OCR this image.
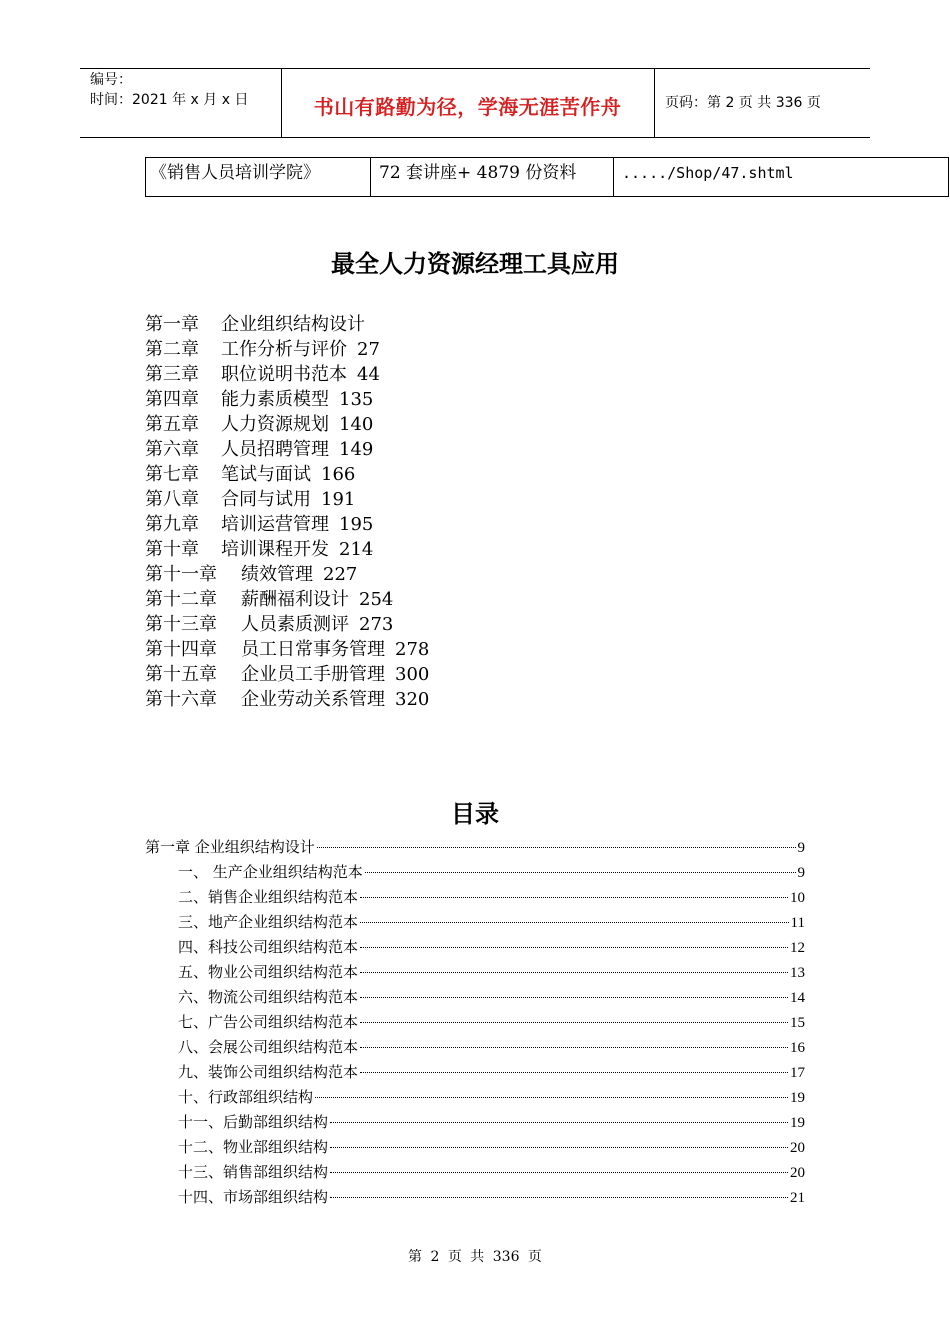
编号：
时间：2021 年 x 月 x 日	书山有路勤为径，学海无涯苦作舟	页码：第 2 页 共 336 页
《销售人员培训学院》	72 套讲座+ 4879 份资料	...../Shop/47.shtml
最全人力资源经理工具应用
第一章 企业组织结构设计
第二章 工作分析与评价 27
第三章 职位说明书范本 44
第四章 能力素质模型 135
第五章 人力资源规划 140
第六章 人员招聘管理 149
第七章 笔试与面试 166
第八章 合同与试用 191
第九章 培训运营管理 195
第十章 培训课程开发 214
第十一章 绩效管理 227
第十二章 薪酬福利设计 254
第十三章 人员素质测评 273
第十四章 员工日常事务管理 278
第十五章 企业员工手册管理 300
第十六章 企业劳动关系管理 320
目录
第一章 企业组织结构设计	9
一、 生产企业组织结构范本	9
二、销售企业组织结构范本	10
三、地产企业组织结构范本	11
四、科技公司组织结构范本	12
五、物业公司组织结构范本	13
六、物流公司组织结构范本	14
七、广告公司组织结构范本	15
八、会展公司组织结构范本	16
九、装饰公司组织结构范本	17
十、行政部组织结构	19
十一、后勤部组织结构	19
十二、物业部组织结构	20
十三、销售部组织结构	20
十四、市场部组织结构	21
第 2 页 共 336 页
